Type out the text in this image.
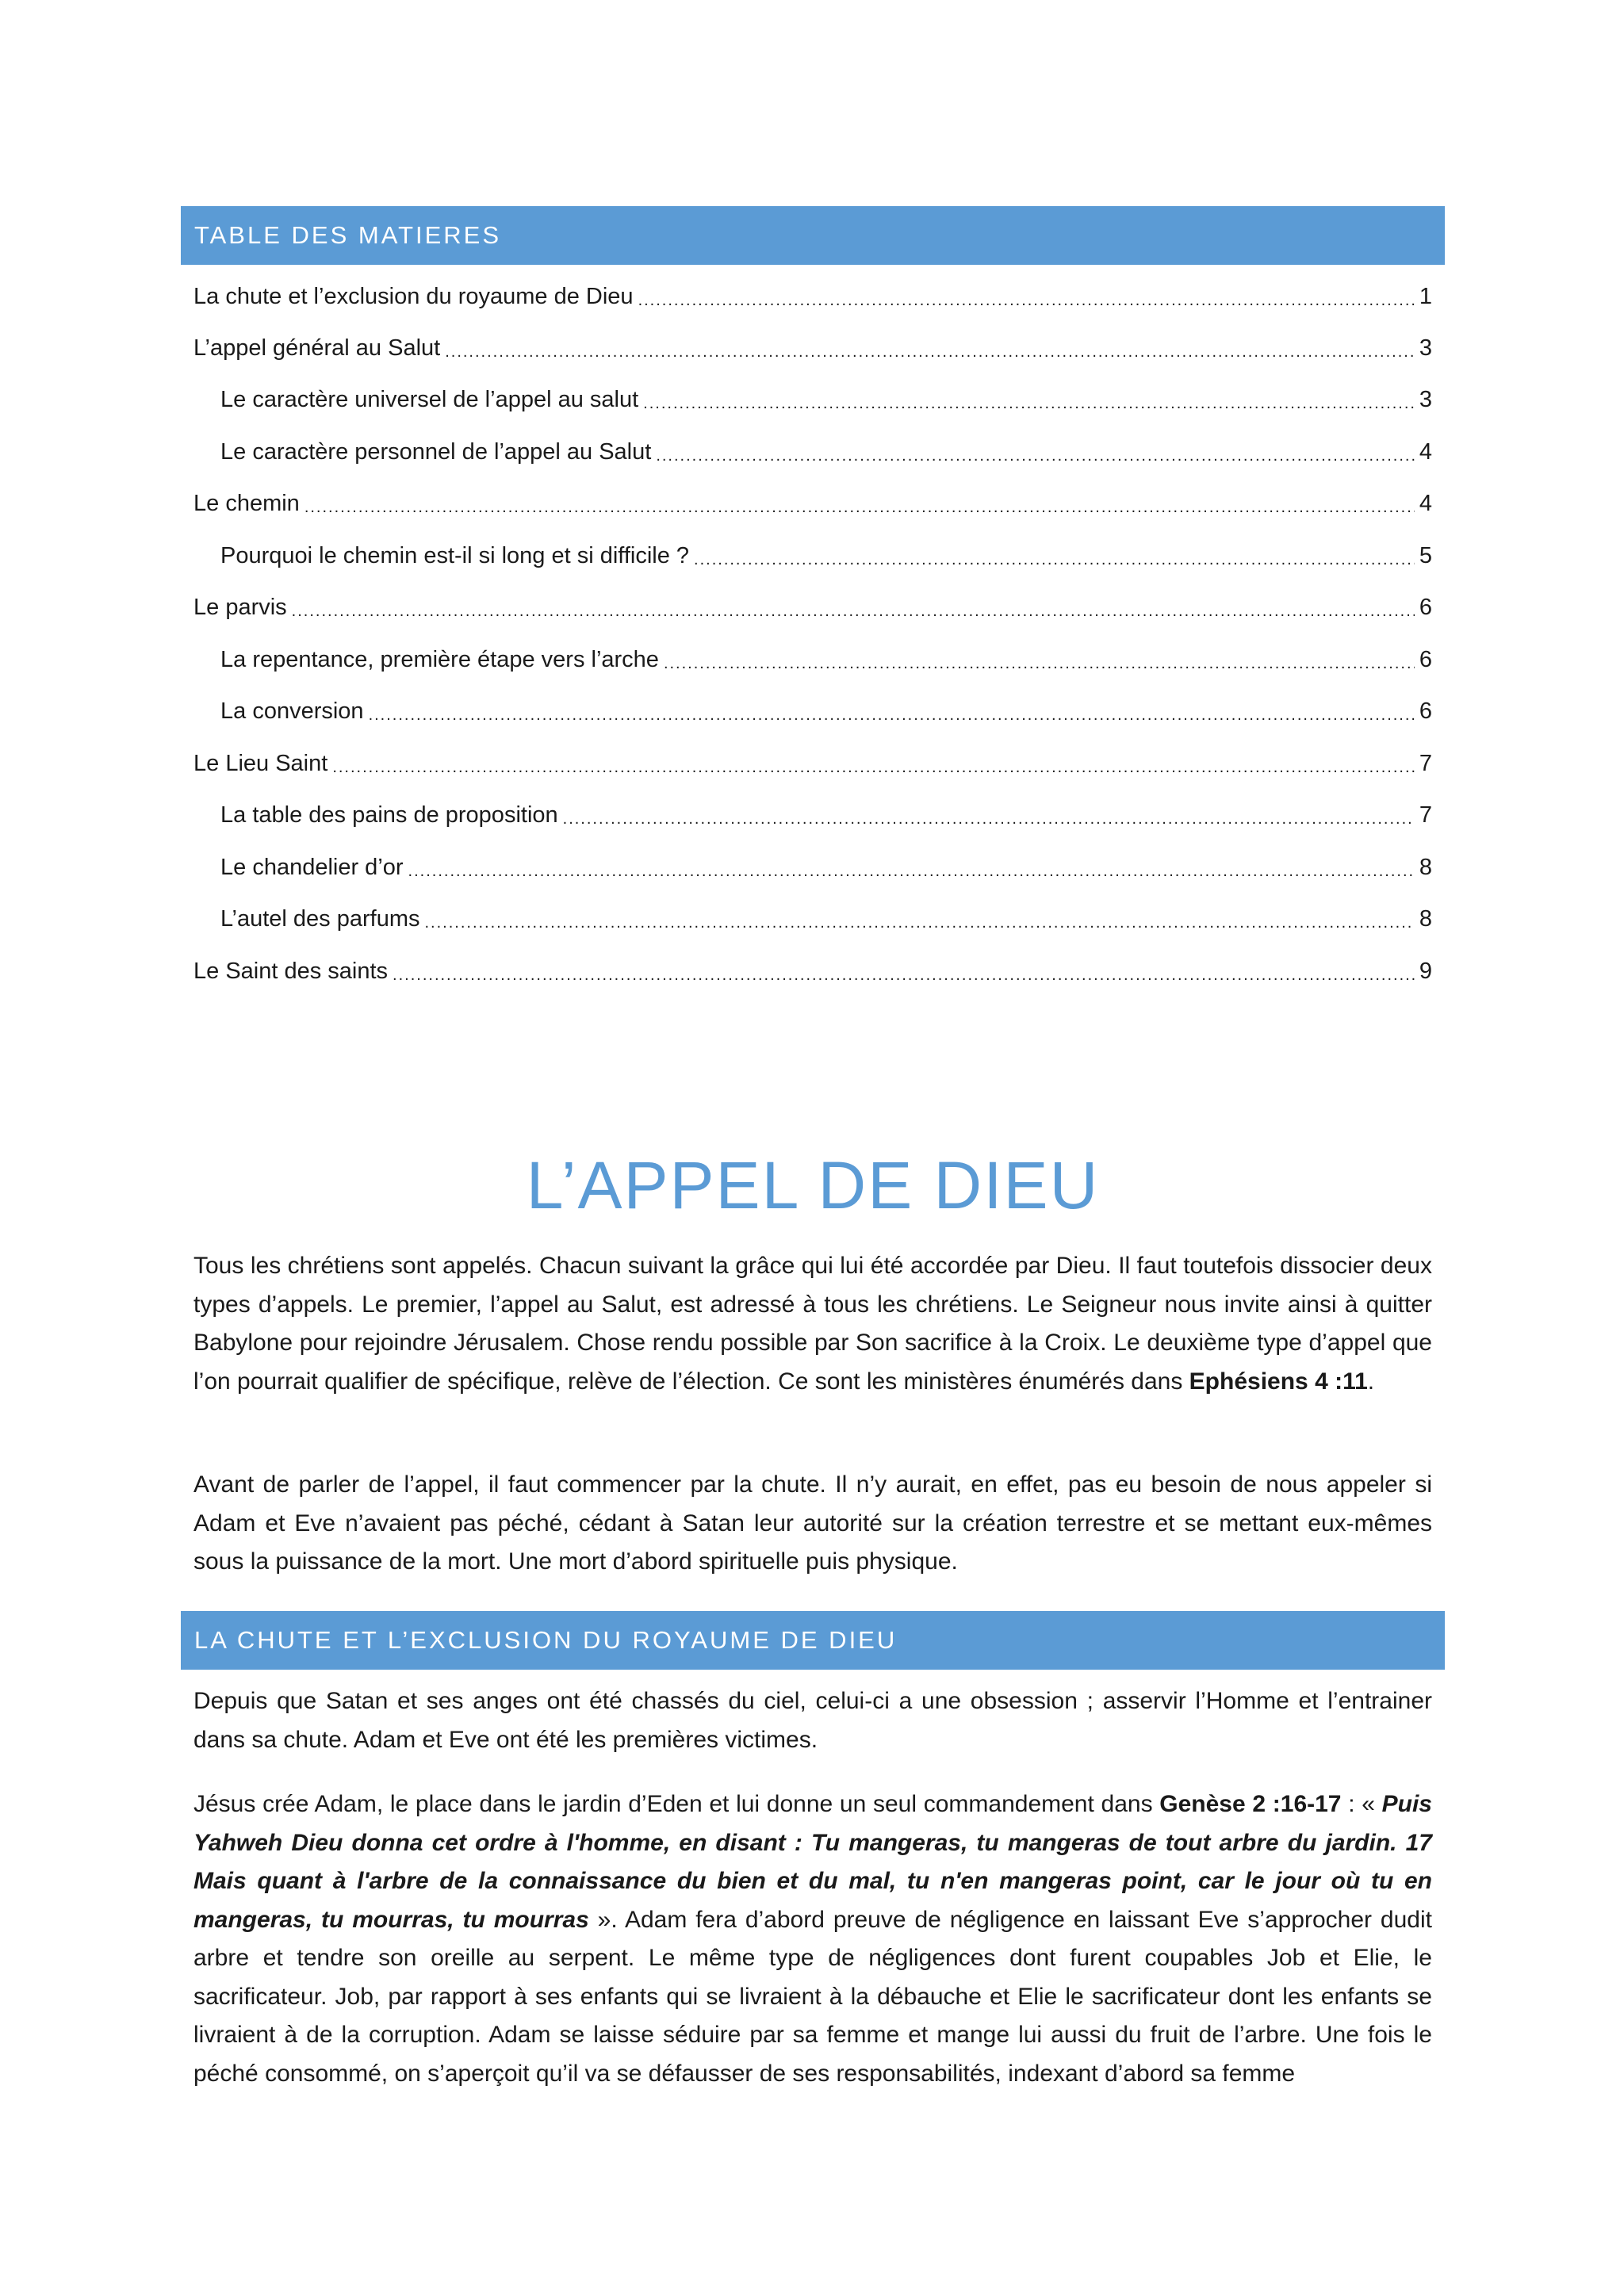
TABLE DES MATIERES
La chute et l’exclusion du royaume de Dieu .....	1
L’appel général au Salut .....	3
Le caractère universel de l’appel au salut .....	3
Le caractère personnel de l’appel au Salut .....	4
Le chemin .....	4
Pourquoi le chemin est-il si long et si difficile ? .....	5
Le parvis .....	6
La repentance, première étape vers l’arche .....	6
La conversion .....	6
Le Lieu Saint .....	7
La table des pains de proposition .....	7
Le chandelier d’or .....	8
L’autel des parfums .....	8
Le Saint des saints .....	9
L’APPEL DE DIEU

Tous les chrétiens sont appelés. Chacun suivant la grâce qui lui été accordée par Dieu. Il faut toutefois dissocier deux types d’appels. Le premier, l’appel au Salut, est adressé à tous les chrétiens. Le Seigneur nous invite ainsi à quitter Babylone pour rejoindre Jérusalem. Chose rendu possible par Son sacrifice à la Croix. Le deuxième type d’appel que l’on pourrait qualifier de spécifique, relève de l’élection. Ce sont les ministères énumérés dans Ephésiens 4 :11.

Avant de parler de l’appel, il faut commencer par la chute. Il n’y aurait, en effet, pas eu besoin de nous appeler si Adam et Eve n’avaient pas péché, cédant à Satan leur autorité sur la création terrestre et se mettant eux-mêmes sous la puissance de la mort. Une mort d’abord spirituelle puis physique.

LA CHUTE ET L’EXCLUSION DU ROYAUME DE DIEU

Depuis que Satan et ses anges ont été chassés du ciel, celui-ci a une obsession ; asservir l’Homme et l’entrainer dans sa chute. Adam et Eve ont été les premières victimes.

Jésus crée Adam, le place dans le jardin d’Eden et lui donne un seul commandement dans Genèse 2 :16-17 : « Puis Yahweh Dieu donna cet ordre à l'homme, en disant : Tu mangeras, tu mangeras de tout arbre du jardin. 17 Mais quant à l'arbre de la connaissance du bien et du mal, tu n'en mangeras point, car le jour où tu en mangeras, tu mourras, tu mourras ». Adam fera d’abord preuve de négligence en laissant Eve s’approcher dudit arbre et tendre son oreille au serpent. Le même type de négligences dont furent coupables Job et Elie, le sacrificateur. Job, par rapport à ses enfants qui se livraient à la débauche et Elie le sacrificateur dont les enfants se livraient à de la corruption. Adam se laisse séduire par sa femme et mange lui aussi du fruit de l’arbre. Une fois le péché consommé, on s’aperçoit qu’il va se défausser de ses responsabilités, indexant d’abord sa femme
